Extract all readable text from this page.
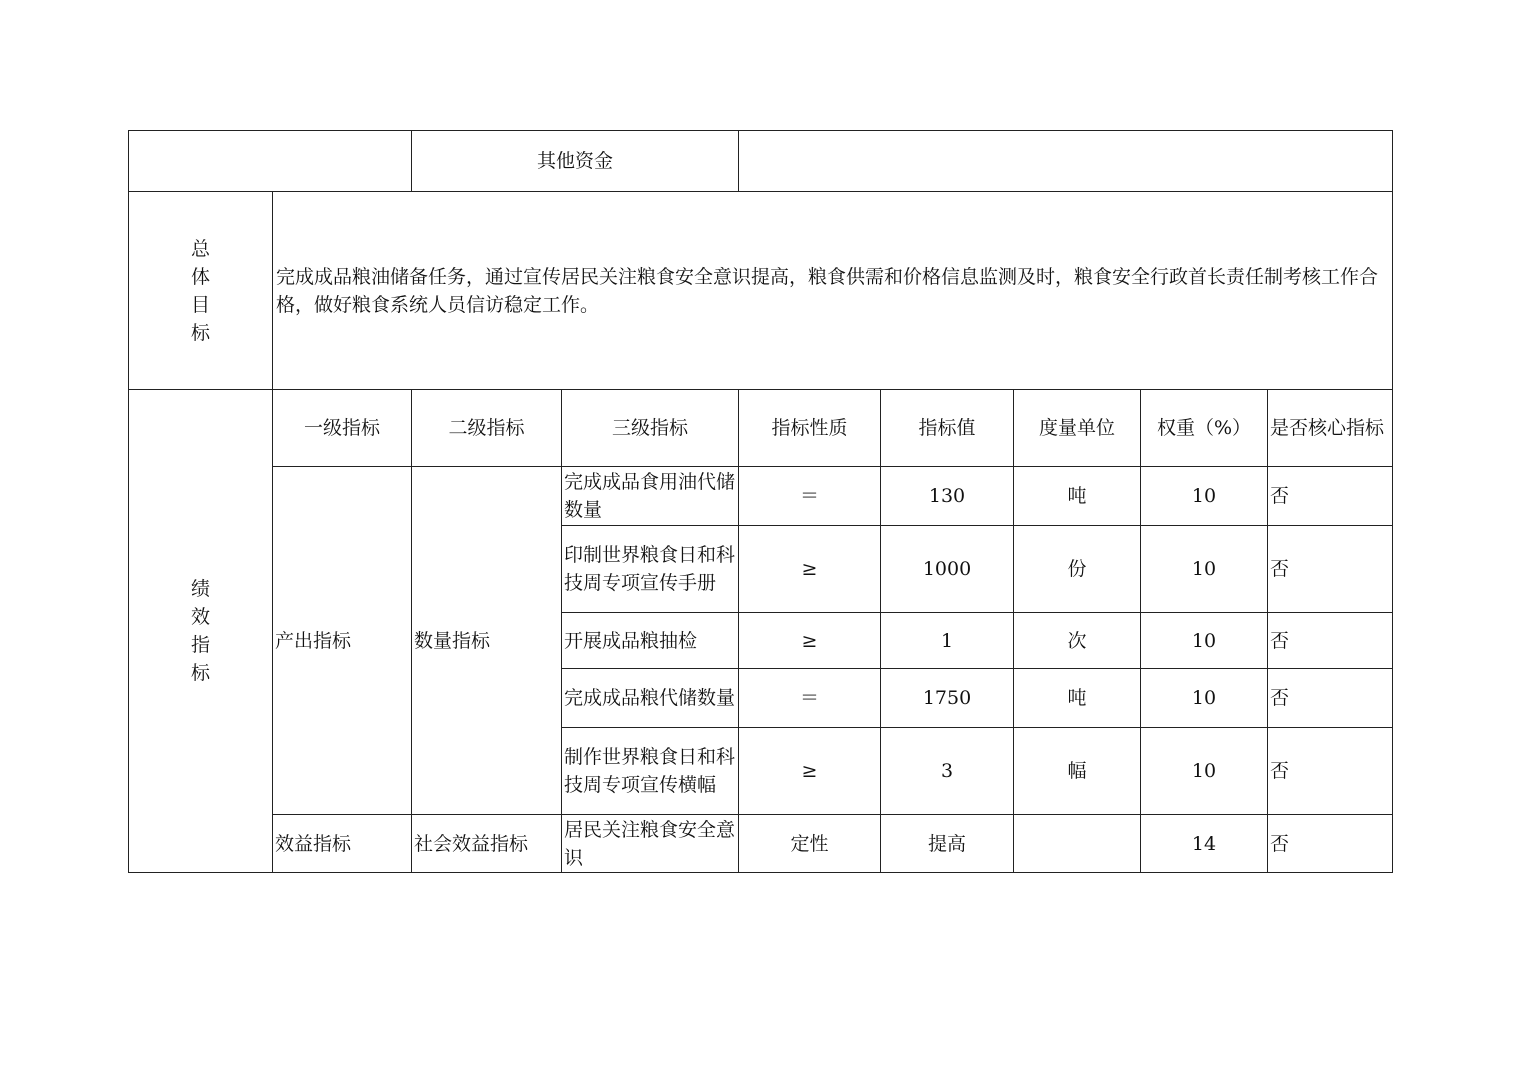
		其他资金						

总
体
目
标	完成成品粮油储备任务，通过宣传居民关注粮食安全意识提高，粮食供需和价格信息监测及时，粮食安全行政首长责任制考核工作合格，做好粮食系统人员信访稳定工作。							

绩
效
指
标	一级指标	二级指标	三级指标	指标性质	指标值	度量单位	权重（%）	是否核心指标
	产出指标	数量指标	完成成品食用油代储数量	＝	130	吨	10	否
			印制世界粮食日和科技周专项宣传手册	≥	1000	份	10	否
			开展成品粮抽检	≥	1	次	10	否
			完成成品粮代储数量	＝	1750	吨	10	否
			制作世界粮食日和科技周专项宣传横幅	≥	3	幅	10	否
	效益指标	社会效益指标	居民关注粮食安全意识	定性	提高		14	否
